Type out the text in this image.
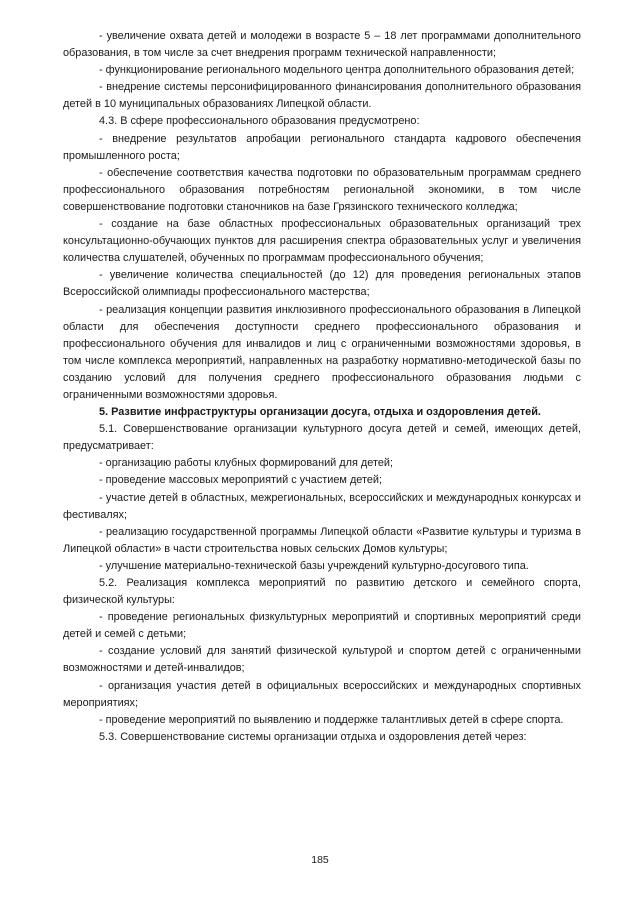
- увеличение охвата детей и молодежи в возрасте 5 – 18 лет программами дополнительного образования, в том числе за счет внедрения программ технической направленности;

- функционирование регионального модельного центра дополнительного образования детей;

- внедрение системы персонифицированного финансирования дополнительного образования детей в 10 муниципальных образованиях Липецкой области.

4.3. В сфере профессионального образования предусмотрено:

- внедрение результатов апробации регионального стандарта кадрового обеспечения промышленного роста;

- обеспечение соответствия качества подготовки по образовательным программам среднего профессионального образования потребностям региональной экономики, в том числе совершенствование подготовки станочников на базе Грязинского технического колледжа;

- создание на базе областных профессиональных образовательных организаций трех консультационно-обучающих пунктов для расширения спектра образовательных услуг и увеличения количества слушателей, обученных по программам профессионального обучения;

- увеличение количества специальностей (до 12) для проведения региональных этапов Всероссийской олимпиады профессионального мастерства;

- реализация концепции развития инклюзивного профессионального образования в Липецкой области для обеспечения доступности среднего профессионального образования и профессионального обучения для инвалидов и лиц с ограниченными возможностями здоровья, в том числе комплекса мероприятий, направленных на разработку нормативно-методической базы по созданию условий для получения среднего профессионального образования людьми с ограниченными возможностями здоровья.

5. Развитие инфраструктуры организации досуга, отдыха и оздоровления детей.

5.1. Совершенствование организации культурного досуга детей и семей, имеющих детей, предусматривает:

- организацию работы клубных формирований для детей;

- проведение массовых мероприятий с участием детей;

- участие детей в областных, межрегиональных, всероссийских и международных конкурсах и фестивалях;

- реализацию государственной программы Липецкой области «Развитие культуры и туризма в Липецкой области» в части строительства новых сельских Домов культуры;

- улучшение материально-технической базы учреждений культурно-досугового типа.

5.2. Реализация комплекса мероприятий по развитию детского и семейного спорта, физической культуры:

- проведение региональных физкультурных мероприятий и спортивных мероприятий среди детей и семей с детьми;

- создание условий для занятий физической культурой и спортом детей с ограниченными возможностями и детей-инвалидов;

- организация участия детей в официальных всероссийских и международных спортивных мероприятиях;

- проведение мероприятий по выявлению и поддержке талантливых детей в сфере спорта.

5.3. Совершенствование системы организации отдыха и оздоровления детей через:

185
